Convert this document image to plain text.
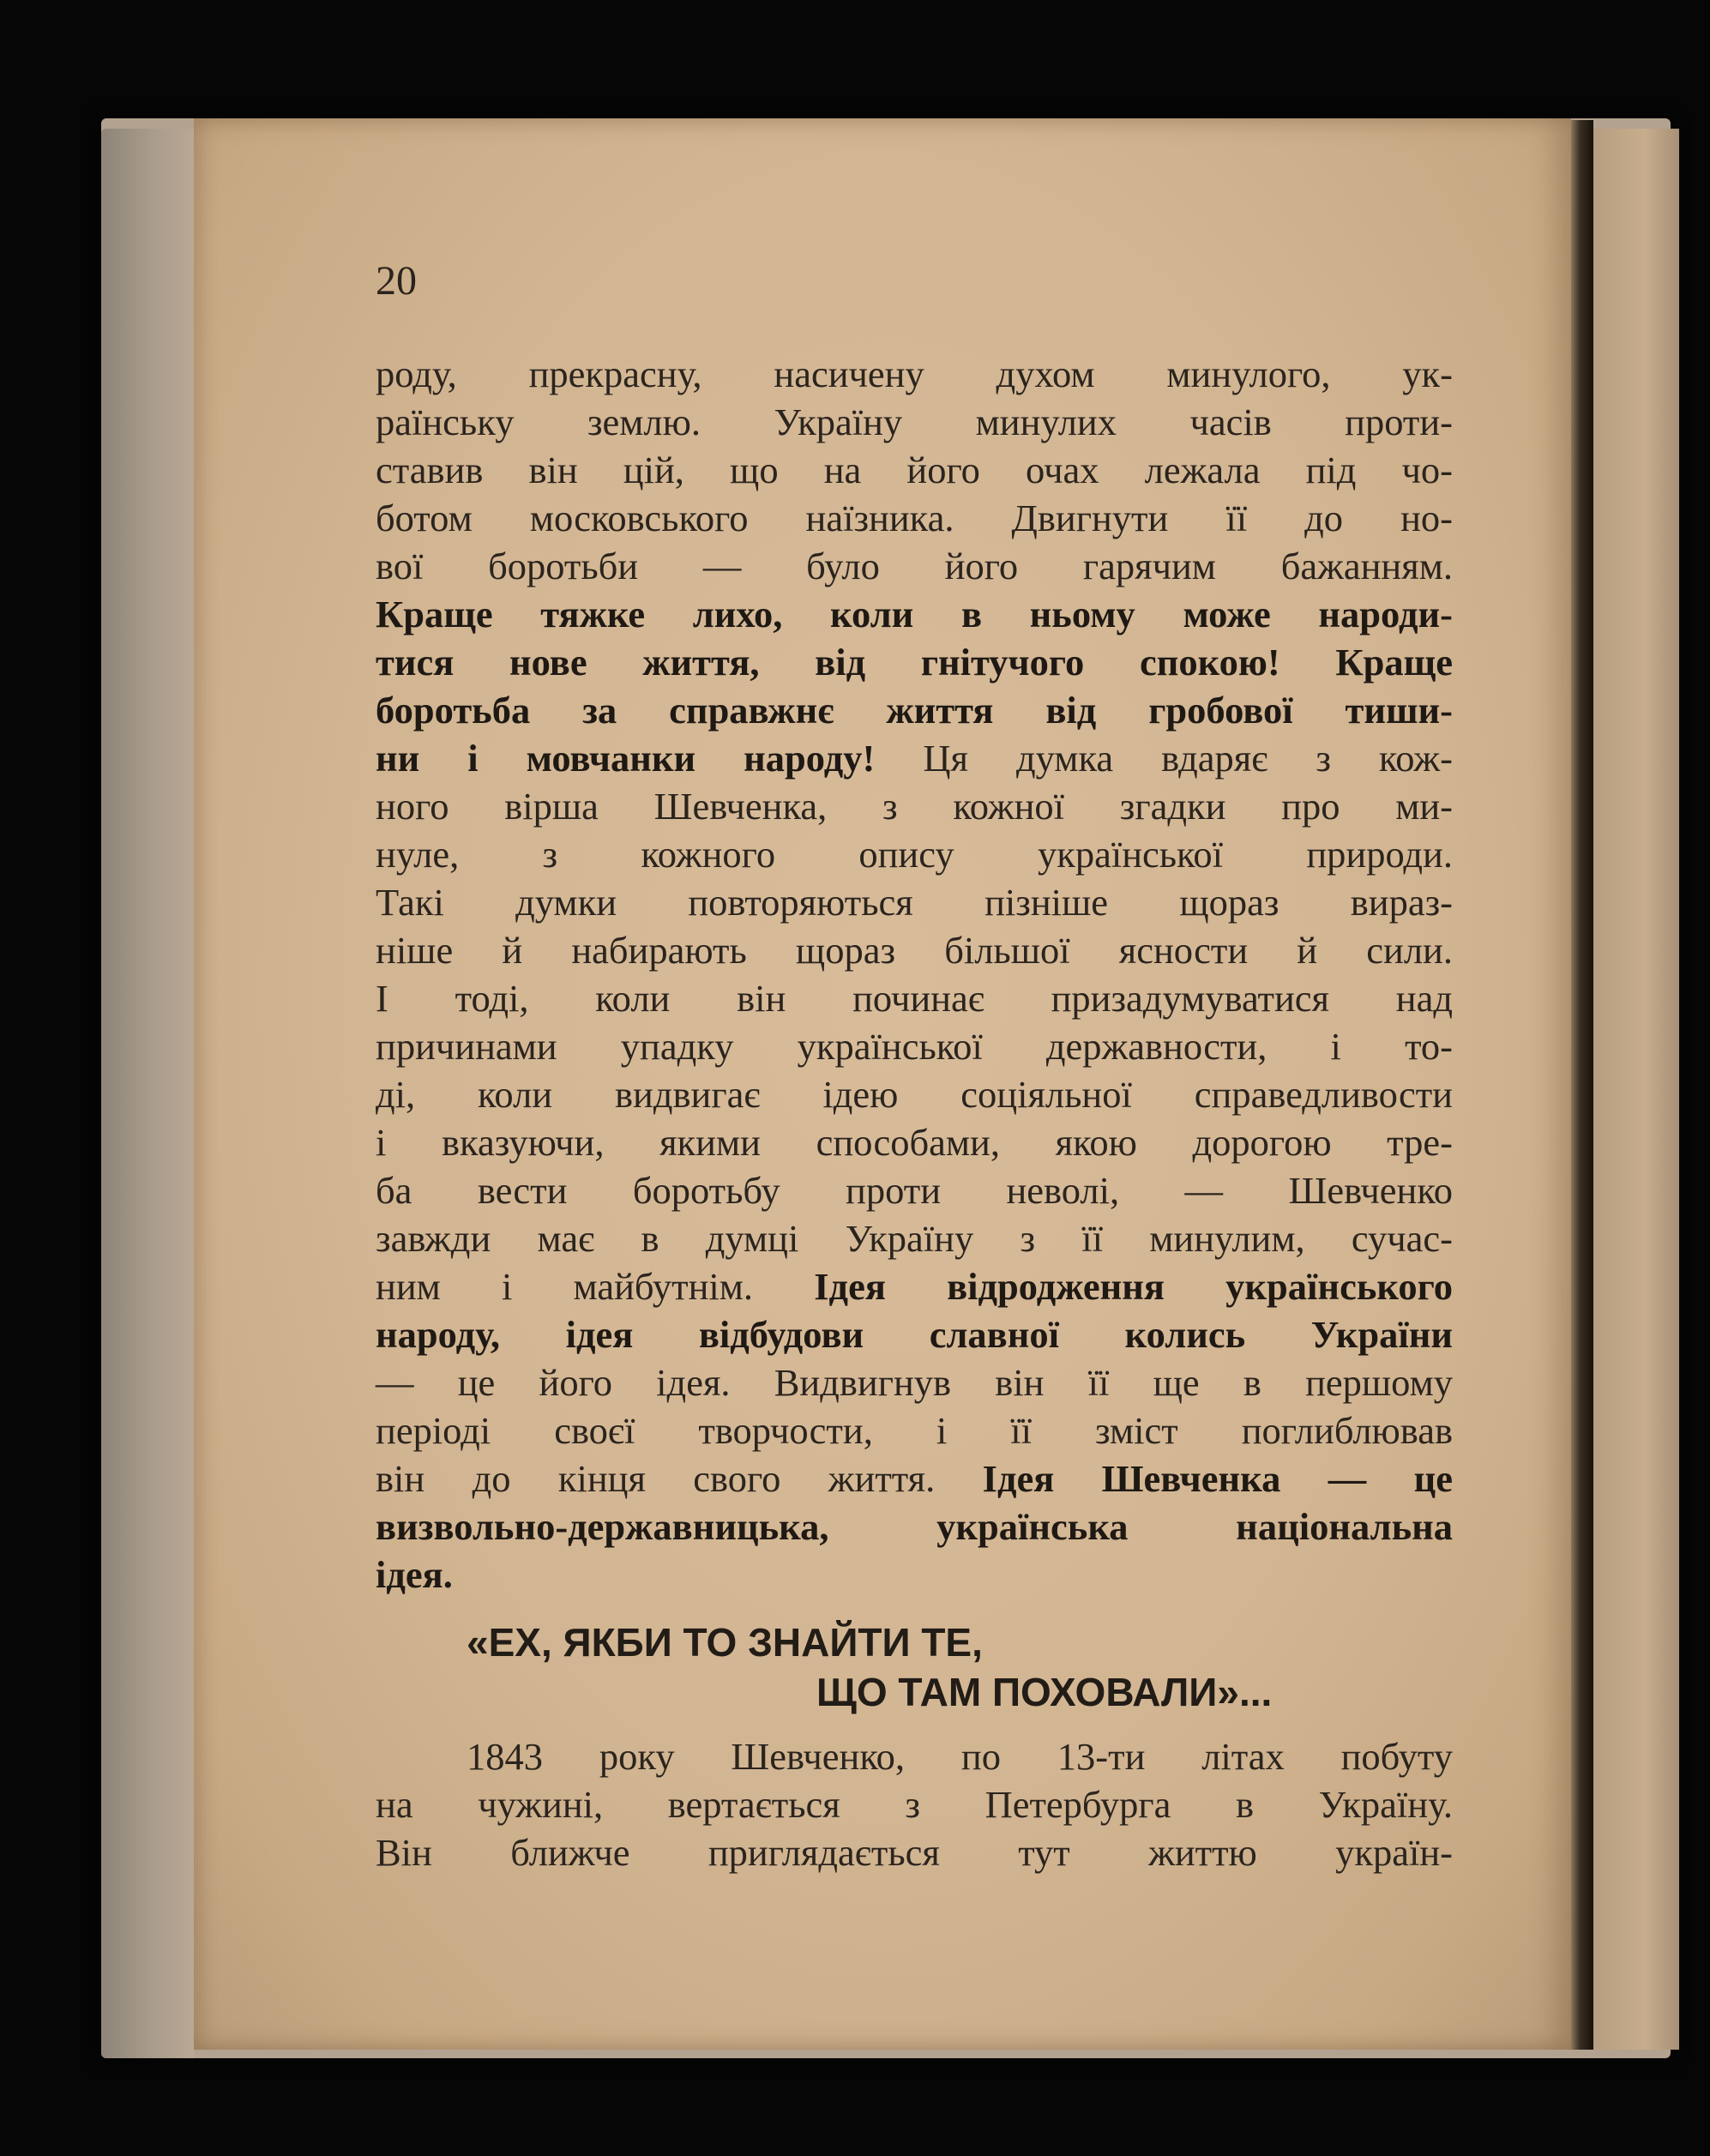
20
роду, прекрасну, насичену духом минулого, ук-
раїнську землю. Україну минулих часів проти-
ставив він цій, що на його очах лежала під чо-
ботом московського наїзника. Двигнути її до но-
вої боротьби — було його гарячим бажанням.
Краще тяжке лихо, коли в ньому може народи-
тися нове життя, від гнітучого спокою! Краще
боротьба за справжнє життя від гробової тиши-
ни і мовчанки народу! Ця думка вдаряє з кож-
ного вірша Шевченка, з кожної згадки про ми-
нуле, з кожного опису української природи.
Такі думки повторяються пізніше щораз вираз-
ніше й набирають щораз більшої ясности й сили.
І тоді, коли він починає призадумуватися над
причинами упадку української державности, і то-
ді, коли видвигає ідею соціяльної справедливости
і вказуючи, якими способами, якою дорогою тре-
ба вести боротьбу проти неволі, — Шевченко
завжди має в думці Україну з її минулим, сучас-
ним і майбутнім. Ідея відродження українського
народу, ідея відбудови славної колись України
— це його ідея. Видвигнув він її ще в першому
періоді своєї творчости, і її зміст поглиблював
він до кінця свого життя. Ідея Шевченка — це
визвольно-державницька, українська національна
ідея.
«ЕХ, ЯКБИ ТО ЗНАЙТИ ТЕ,
ЩО ТАМ ПОХОВАЛИ»...
1843 року Шевченко, по 13-ти літах побуту
на чужині, вертається з Петербурга в Україну.
Він ближче приглядається тут життю україн-
